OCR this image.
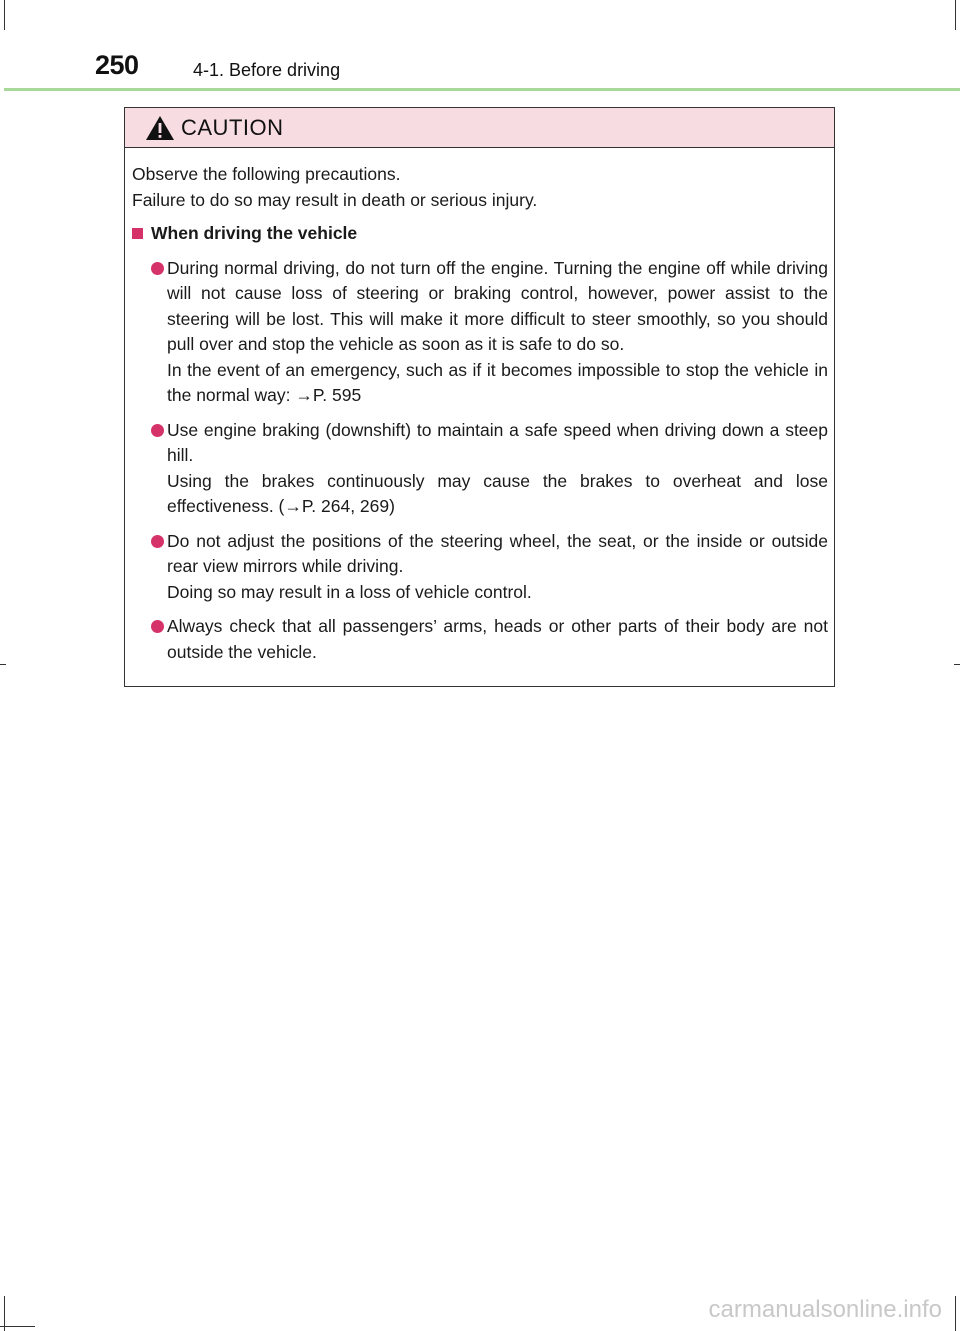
250	4-1. Before driving
CAUTION

Observe the following precautions.

Failure to do so may result in death or serious injury.

When driving the vehicle

During normal driving, do not turn off the engine. Turning the engine off while driving will not cause loss of steering or braking control, however, power assist to the steering will be lost. This will make it more difficult to steer smoothly, so you should pull over and stop the vehicle as soon as it is safe to do so.

In the event of an emergency, such as if it becomes impossible to stop the vehicle in the normal way: →P. 595

Use engine braking (downshift) to maintain a safe speed when driving down a steep hill.

Using the brakes continuously may cause the brakes to overheat and lose effectiveness. (→P. 264, 269)

Do not adjust the positions of the steering wheel, the seat, or the inside or outside rear view mirrors while driving.

Doing so may result in a loss of vehicle control.

Always check that all passengers’ arms, heads or other parts of their body are not outside the vehicle.

carmanualsonline.info
